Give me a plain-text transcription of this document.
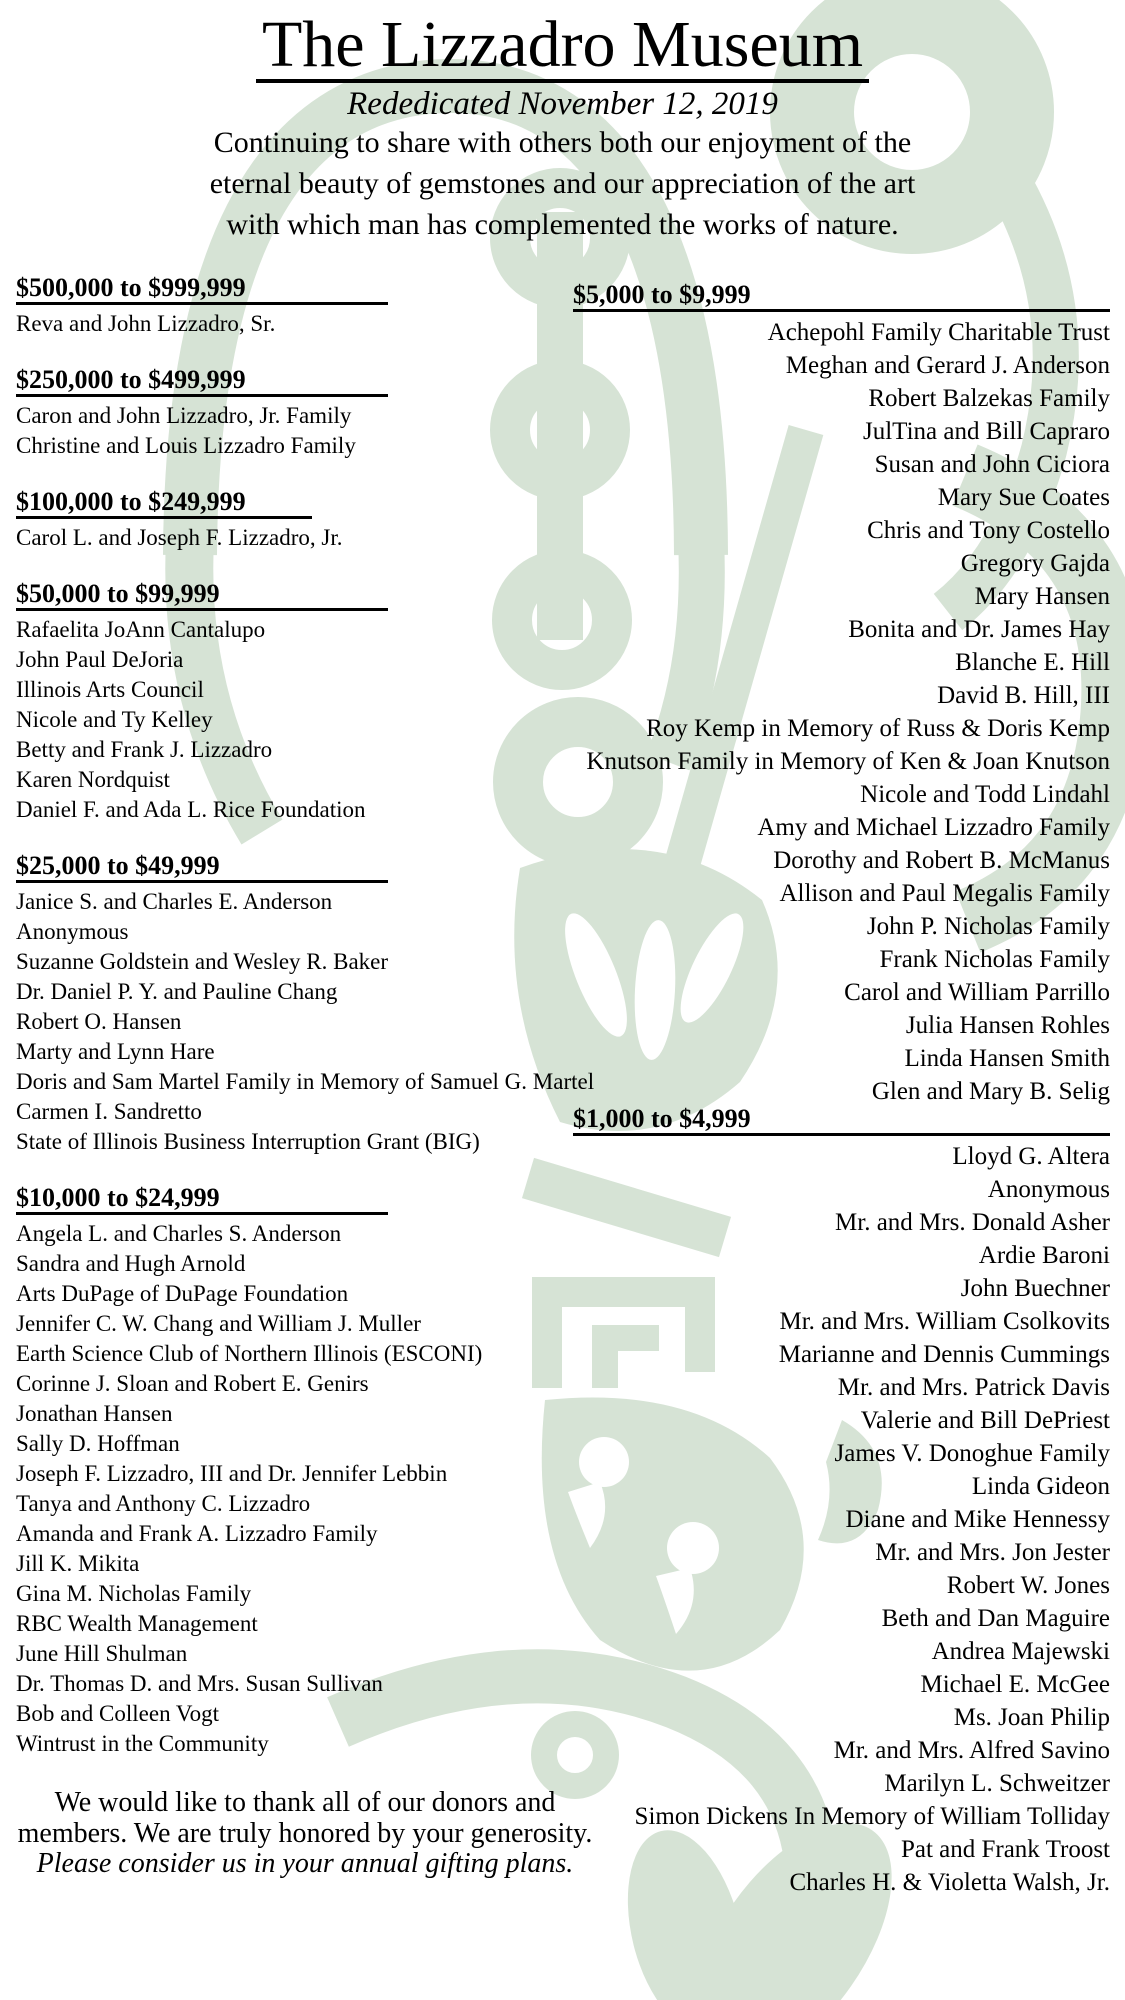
The Lizzadro Museum
Rededicated November 12, 2019
Continuing to share with others both our enjoyment of the
eternal beauty of gemstones and our appreciation of the art
with which man has complemented the works of nature.
$500,000 to $999,999
Reva and John Lizzadro, Sr.
$250,000 to $499,999
Caron and John Lizzadro, Jr. Family
Christine and Louis Lizzadro Family
$100,000 to $249,999
Carol L. and Joseph F. Lizzadro, Jr.
$50,000 to $99,999
Rafaelita JoAnn Cantalupo
John Paul DeJoria
Illinois Arts Council
Nicole and Ty Kelley
Betty and Frank J. Lizzadro
Karen Nordquist
Daniel F. and Ada L. Rice Foundation
$25,000 to $49,999
Janice S. and Charles E. Anderson
Anonymous
Suzanne Goldstein and Wesley R. Baker
Dr. Daniel P. Y. and Pauline Chang
Robert O. Hansen
Marty and Lynn Hare
Doris and Sam Martel Family in Memory of Samuel G. Martel
Carmen I. Sandretto
State of Illinois Business Interruption Grant (BIG)
$10,000 to $24,999
Angela L. and Charles S. Anderson
Sandra and Hugh Arnold
Arts DuPage of DuPage Foundation
Jennifer C. W. Chang and William J. Muller
Earth Science Club of Northern Illinois (ESCONI)
Corinne J. Sloan and Robert E. Genirs
Jonathan Hansen
Sally D. Hoffman
Joseph F. Lizzadro, III and Dr. Jennifer Lebbin
Tanya and Anthony C. Lizzadro
Amanda and Frank A. Lizzadro Family
Jill K. Mikita
Gina M. Nicholas Family
RBC Wealth Management
June Hill Shulman
Dr. Thomas D. and Mrs. Susan Sullivan
Bob and Colleen Vogt
Wintrust in the Community
$5,000 to $9,999
Achepohl Family Charitable Trust
Meghan and Gerard J. Anderson
Robert Balzekas Family
JulTina and Bill Capraro
Susan and John Ciciora
Mary Sue Coates
Chris and Tony Costello
Gregory Gajda
Mary Hansen
Bonita and Dr. James Hay
Blanche E. Hill
David B. Hill, III
Roy Kemp in Memory of Russ & Doris Kemp
Knutson Family in Memory of Ken & Joan Knutson
Nicole and Todd Lindahl
Amy and Michael Lizzadro Family
Dorothy and Robert B. McManus
Allison and Paul Megalis Family
John P. Nicholas Family
Frank Nicholas Family
Carol and William Parrillo
Julia Hansen Rohles
Linda Hansen Smith
Glen and Mary B. Selig
$1,000 to $4,999
Lloyd G. Altera
Anonymous
Mr. and Mrs. Donald Asher
Ardie Baroni
John Buechner
Mr. and Mrs. William Csolkovits
Marianne and Dennis Cummings
Mr. and Mrs. Patrick Davis
Valerie and Bill DePriest
James V. Donoghue Family
Linda Gideon
Diane and Mike Hennessy
Mr. and Mrs. Jon Jester
Robert W. Jones
Beth and Dan Maguire
Andrea Majewski
Michael E. McGee
Ms. Joan Philip
Mr. and Mrs. Alfred Savino
Marilyn L. Schweitzer
Simon Dickens In Memory of William Tolliday
Pat and Frank Troost
Charles H. & Violetta Walsh, Jr.
We would like to thank all of our donors and
members. We are truly honored by your generosity.
Please consider us in your annual gifting plans.
